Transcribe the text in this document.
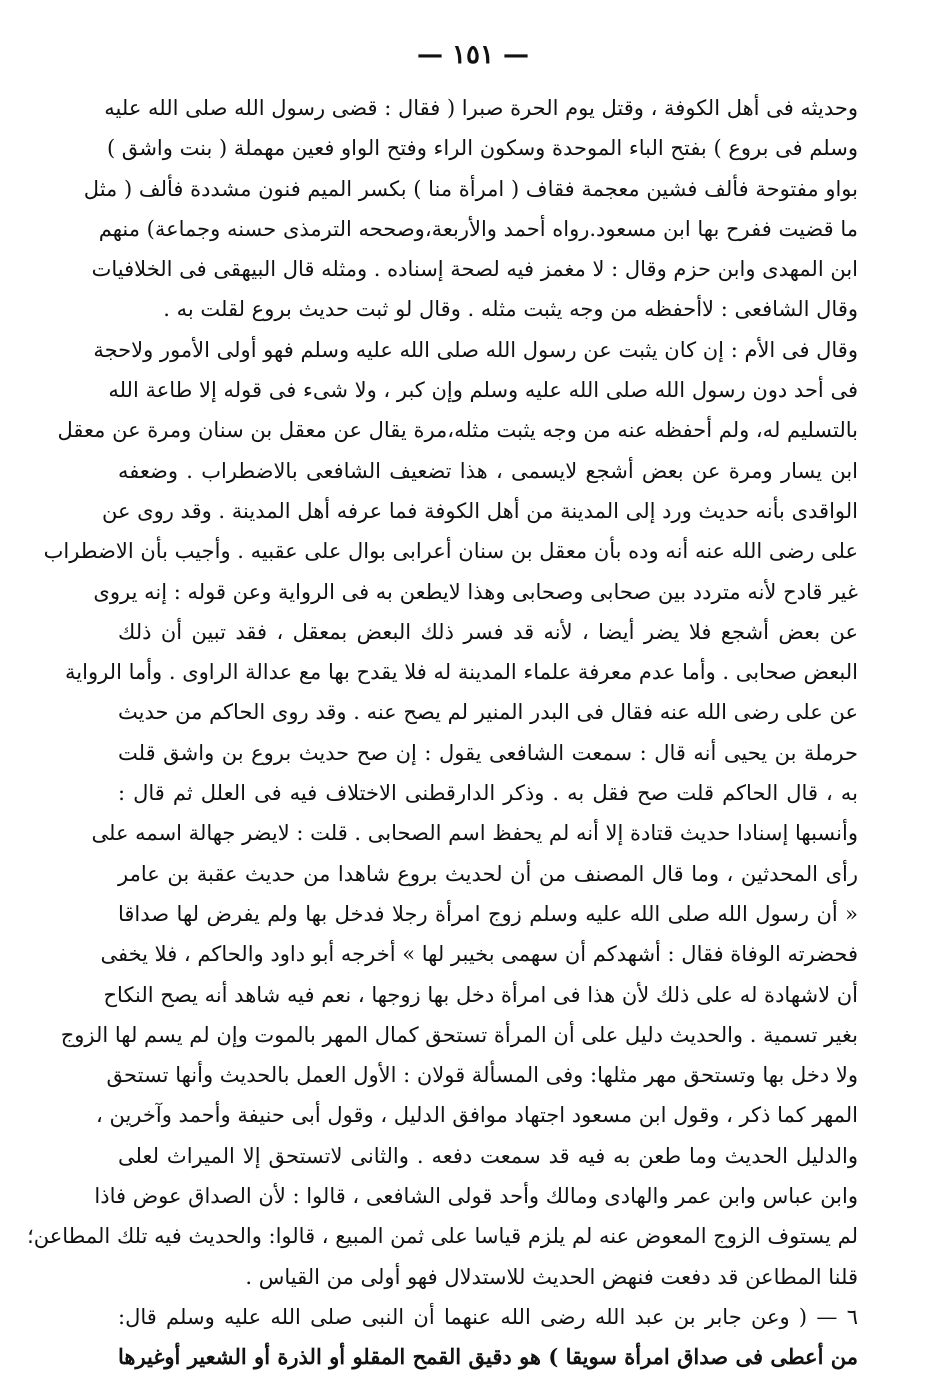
— ١٥١ —
وحديثه فى أهل الكوفة ، وقتل يوم الحرة صبرا ( فقال : قضى رسول الله صلى الله عليه
وسلم فى بروع ) بفتح الباء الموحدة وسكون الراء وفتح الواو فعين مهملة ( بنت واشق )
بواو مفتوحة فألف فشين معجمة فقاف ( امرأة منا ) بكسر الميم فنون مشددة فألف ( مثل
ما قضيت ففرح بها ابن مسعود.رواه أحمد والأربعة،وصححه الترمذى حسنه وجماعة) منهم
ابن المهدى وابن حزم وقال : لا مغمز فيه لصحة إسناده . ومثله قال البيهقى فى الخلافيات
وقال الشافعى : لاأحفظه من وجه يثبت مثله . وقال لو ثبت حديث بروع لقلت به .
وقال فى الأم : إن كان يثبت عن رسول الله صلى الله عليه وسلم فهو أولى الأمور ولاحجة
فى أحد دون رسول الله صلى الله عليه وسلم وإن كبر ، ولا شىء فى قوله إلا طاعة الله
بالتسليم له، ولم أحفظه عنه من وجه يثبت مثله،مرة يقال عن معقل بن سنان ومرة عن معقل
ابن يسار ومرة عن بعض أشجع لايسمى ، هذا تضعيف الشافعى بالاضطراب . وضعفه
الواقدى بأنه حديث ورد إلى المدينة من أهل الكوفة فما عرفه أهل المدينة . وقد روى عن
على رضى الله عنه أنه وده بأن معقل بن سنان أعرابى بوال على عقبيه . وأجيب بأن الاضطراب
غير قادح لأنه متردد بين صحابى وصحابى وهذا لايطعن به فى الرواية وعن قوله : إنه يروى
عن بعض أشجع فلا يضر أيضا ، لأنه قد فسر ذلك البعض بمعقل ، فقد تبين أن ذلك
البعض صحابى . وأما عدم معرفة علماء المدينة له فلا يقدح بها مع عدالة الراوى . وأما الرواية
عن على رضى الله عنه فقال فى البدر المنير لم يصح عنه . وقد روى الحاكم من حديث
حرملة بن يحيى أنه قال : سمعت الشافعى يقول : إن صح حديث بروع بن واشق قلت
به ، قال الحاكم قلت صح فقل به . وذكر الدارقطنى الاختلاف فيه فى العلل ثم قال :
وأنسبها إسنادا حديث قتادة إلا أنه لم يحفظ اسم الصحابى . قلت : لايضر جهالة اسمه على
رأى المحدثين ، وما قال المصنف من أن لحديث بروع شاهدا من حديث عقبة بن عامر
« أن رسول الله صلى الله عليه وسلم زوج امرأة رجلا فدخل بها ولم يفرض لها صداقا
فحضرته الوفاة فقال : أشهدكم أن سهمى بخيبر لها » أخرجه أبو داود والحاكم ، فلا يخفى
أن لاشهادة له على ذلك لأن هذا فى امرأة دخل بها زوجها ، نعم فيه شاهد أنه يصح النكاح
بغير تسمية . والحديث دليل على أن المرأة تستحق كمال المهر بالموت وإن لم يسم لها الزوج
ولا دخل بها وتستحق مهر مثلها: وفى المسألة قولان : الأول العمل بالحديث وأنها تستحق
المهر كما ذكر ، وقول ابن مسعود اجتهاد موافق الدليل ، وقول أبى حنيفة وأحمد وآخرين ،
والدليل الحديث وما طعن به فيه قد سمعت دفعه . والثانى لاتستحق إلا الميراث لعلى
وابن عباس وابن عمر والهادى ومالك وأحد قولى الشافعى ، قالوا : لأن الصداق عوض فاذا
لم يستوف الزوج المعوض عنه لم يلزم قياسا على ثمن المبيع ، قالوا: والحديث فيه تلك المطاعن؛
قلنا المطاعن قد دفعت فنهض الحديث للاستدلال فهو أولى من القياس .
٦ — ( وعن جابر بن عبد الله رضى الله عنهما أن النبى صلى الله عليه وسلم قال:
من أعطى فى صداق امرأة سويقا ) هو دقيق القمح المقلو أو الذرة أو الشعير أوغيرها
